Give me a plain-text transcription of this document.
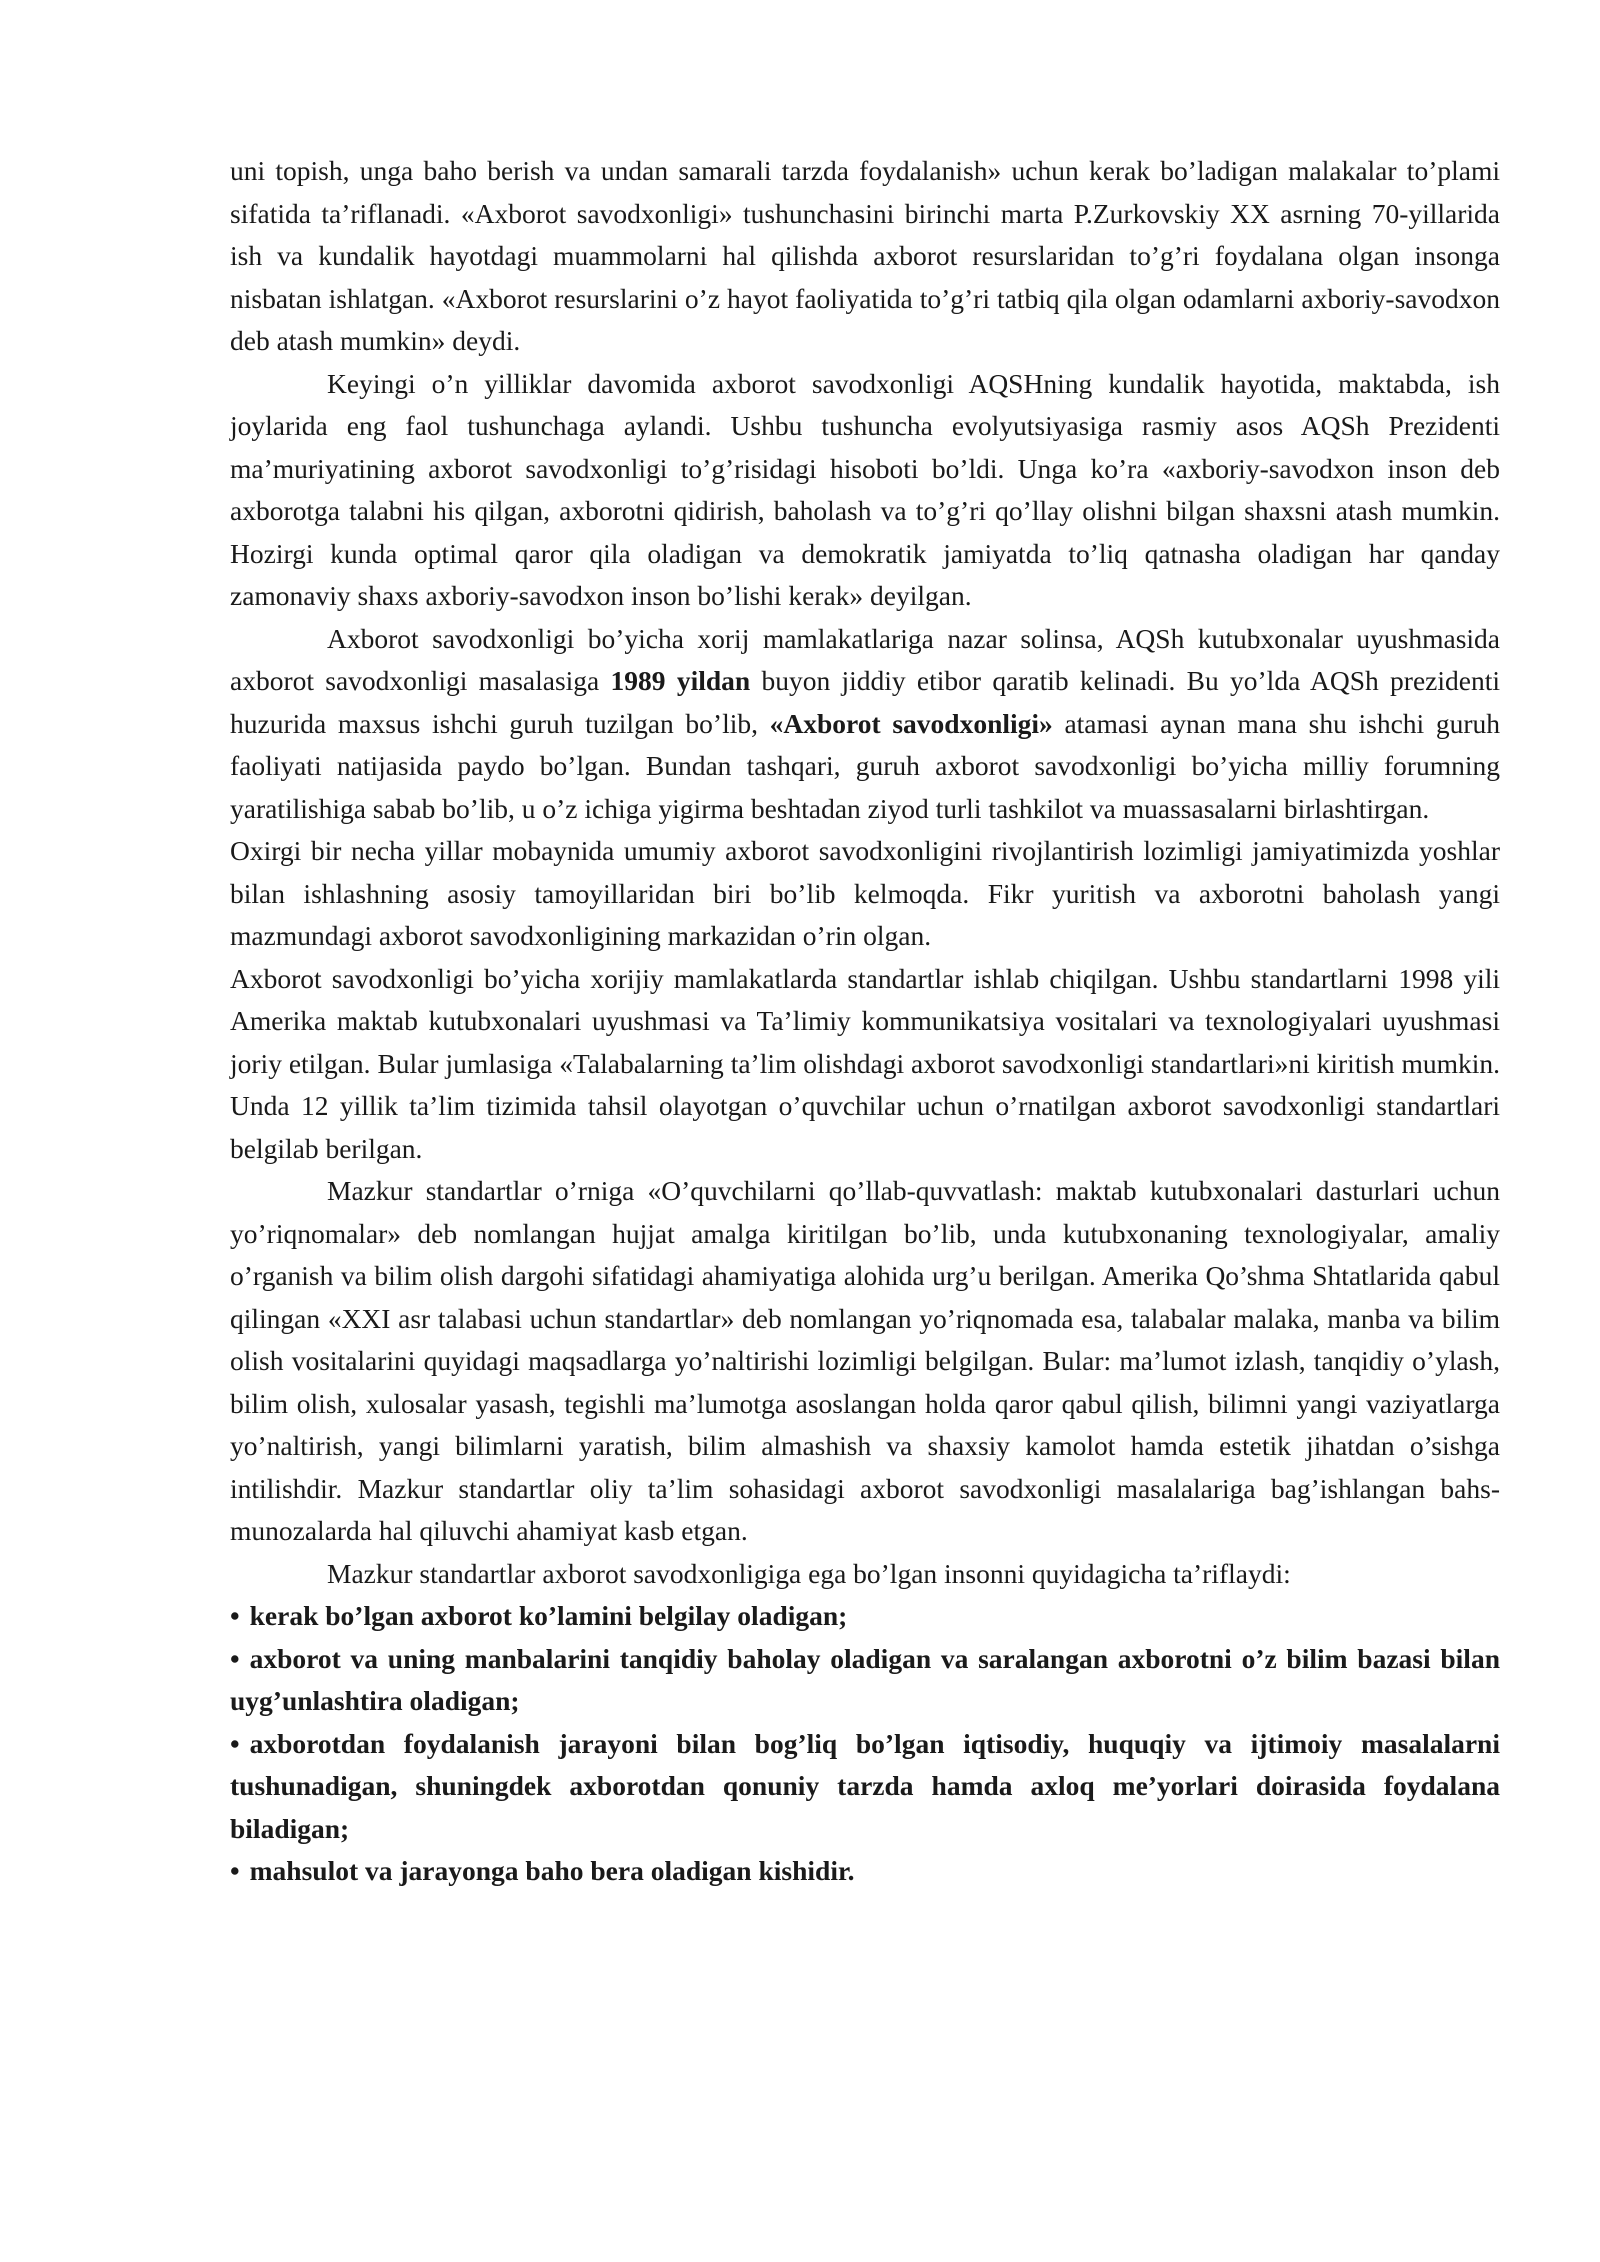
uni topish, unga baho berish va undan samarali tarzda foydalanish» uchun kerak bo’ladigan malakalar to’plami sifatida ta’riflanadi. «Axborot savodxonligi» tushunchasini birinchi marta P.Zurkovskiy XX asrning 70-yillarida ish va kundalik hayotdagi muammolarni hal qilishda axborot resurslaridan to’g’ri foydalana olgan insonga nisbatan ishlatgan. «Axborot resurslarini o’z hayot faoliyatida to’g’ri tatbiq qila olgan odamlarni axboriy-savodxon deb atash mumkin» deydi.

Keyingi o’n yilliklar davomida axborot savodxonligi AQSHning kundalik hayotida, maktabda, ish joylarida eng faol tushunchaga aylandi. Ushbu tushuncha evolyutsiyasiga rasmiy asos AQSh Prezidenti ma’muriyatining axborot savodxonligi to’g’risidagi hisoboti bo’ldi. Unga ko’ra «axboriy-savodxon inson deb axborotga talabni his qilgan, axborotni qidirish, baholash va to’g’ri qo’llay olishni bilgan shaxsni atash mumkin. Hozirgi kunda optimal qaror qila oladigan va demokratik jamiyatda to’liq qatnasha oladigan har qanday zamonaviy shaxs axboriy-savodxon inson bo’lishi kerak» deyilgan.

Axborot savodxonligi bo’yicha xorij mamlakatlariga nazar solinsa, AQSh kutubxonalar uyushmasida axborot savodxonligi masalasiga 1989 yildan buyon jiddiy etibor qaratib kelinadi. Bu yo’lda AQSh prezidenti huzurida maxsus ishchi guruh tuzilgan bo’lib, «Axborot savodxonligi» atamasi aynan mana shu ishchi guruh faoliyati natijasida paydo bo’lgan. Bundan tashqari, guruh axborot savodxonligi bo’yicha milliy forumning yaratilishiga sabab bo’lib, u o’z ichiga yigirma beshtadan ziyod turli tashkilot va muassasalarni birlashtirgan.

Oxirgi bir necha yillar mobaynida umumiy axborot savodxonligini rivojlantirish lozimligi jamiyatimizda yoshlar bilan ishlashning asosiy tamoyillaridan biri bo’lib kelmoqda. Fikr yuritish va axborotni baholash yangi mazmundagi axborot savodxonligining markazidan o’rin olgan.

Axborot savodxonligi bo’yicha xorijiy mamlakatlarda standartlar ishlab chiqilgan. Ushbu standartlarni 1998 yili Amerika maktab kutubxonalari uyushmasi va Ta’limiy kommunikatsiya vositalari va texnologiyalari uyushmasi joriy etilgan. Bular jumlasiga «Talabalarning ta’lim olishdagi axborot savodxonligi standartlari»ni kiritish mumkin. Unda 12 yillik ta’lim tizimida tahsil olayotgan o’quvchilar uchun o’rnatilgan axborot savodxonligi standartlari belgilab berilgan.

Mazkur standartlar o’rniga «O’quvchilarni qo’llab-quvvatlash: maktab kutubxonalari dasturlari uchun yo’riqnomalar» deb nomlangan hujjat amalga kiritilgan bo’lib, unda kutubxonaning texnologiyalar, amaliy o’rganish va bilim olish dargohi sifatidagi ahamiyatiga alohida urg’u berilgan. Amerika Qo’shma Shtatlarida qabul qilingan «XXI asr talabasi uchun standartlar» deb nomlangan yo’riqnomada esa, talabalar malaka, manba va bilim olish vositalarini quyidagi maqsadlarga yo’naltirishi lozimligi belgilgan. Bular: ma’lumot izlash, tanqidiy o’ylash, bilim olish, xulosalar yasash, tegishli ma’lumotga asoslangan holda qaror qabul qilish, bilimni yangi vaziyatlarga yo’naltirish, yangi bilimlarni yaratish, bilim almashish va shaxsiy kamolot hamda estetik jihatdan o’sishga intilishdir. Mazkur standartlar oliy ta’lim sohasidagi axborot savodxonligi masalalariga bag’ishlangan bahs-munozalarda hal qiluvchi ahamiyat kasb etgan.

Mazkur standartlar axborot savodxonligiga ega bo’lgan insonni quyidagicha ta’riflaydi:

• kerak bo’lgan axborot ko’lamini belgilay oladigan;
• axborot va uning manbalarini tanqidiy baholay oladigan va saralangan axborotni o’z bilim bazasi bilan uyg’unlashtira oladigan;
• axborotdan foydalanish jarayoni bilan bog’liq bo’lgan iqtisodiy, huquqiy va ijtimoiy masalalarni tushunadigan, shuningdek axborotdan qonuniy tarzda hamda axloq me’yorlari doirasida foydalana biladigan;
• mahsulot va jarayonga baho bera oladigan kishidir.
